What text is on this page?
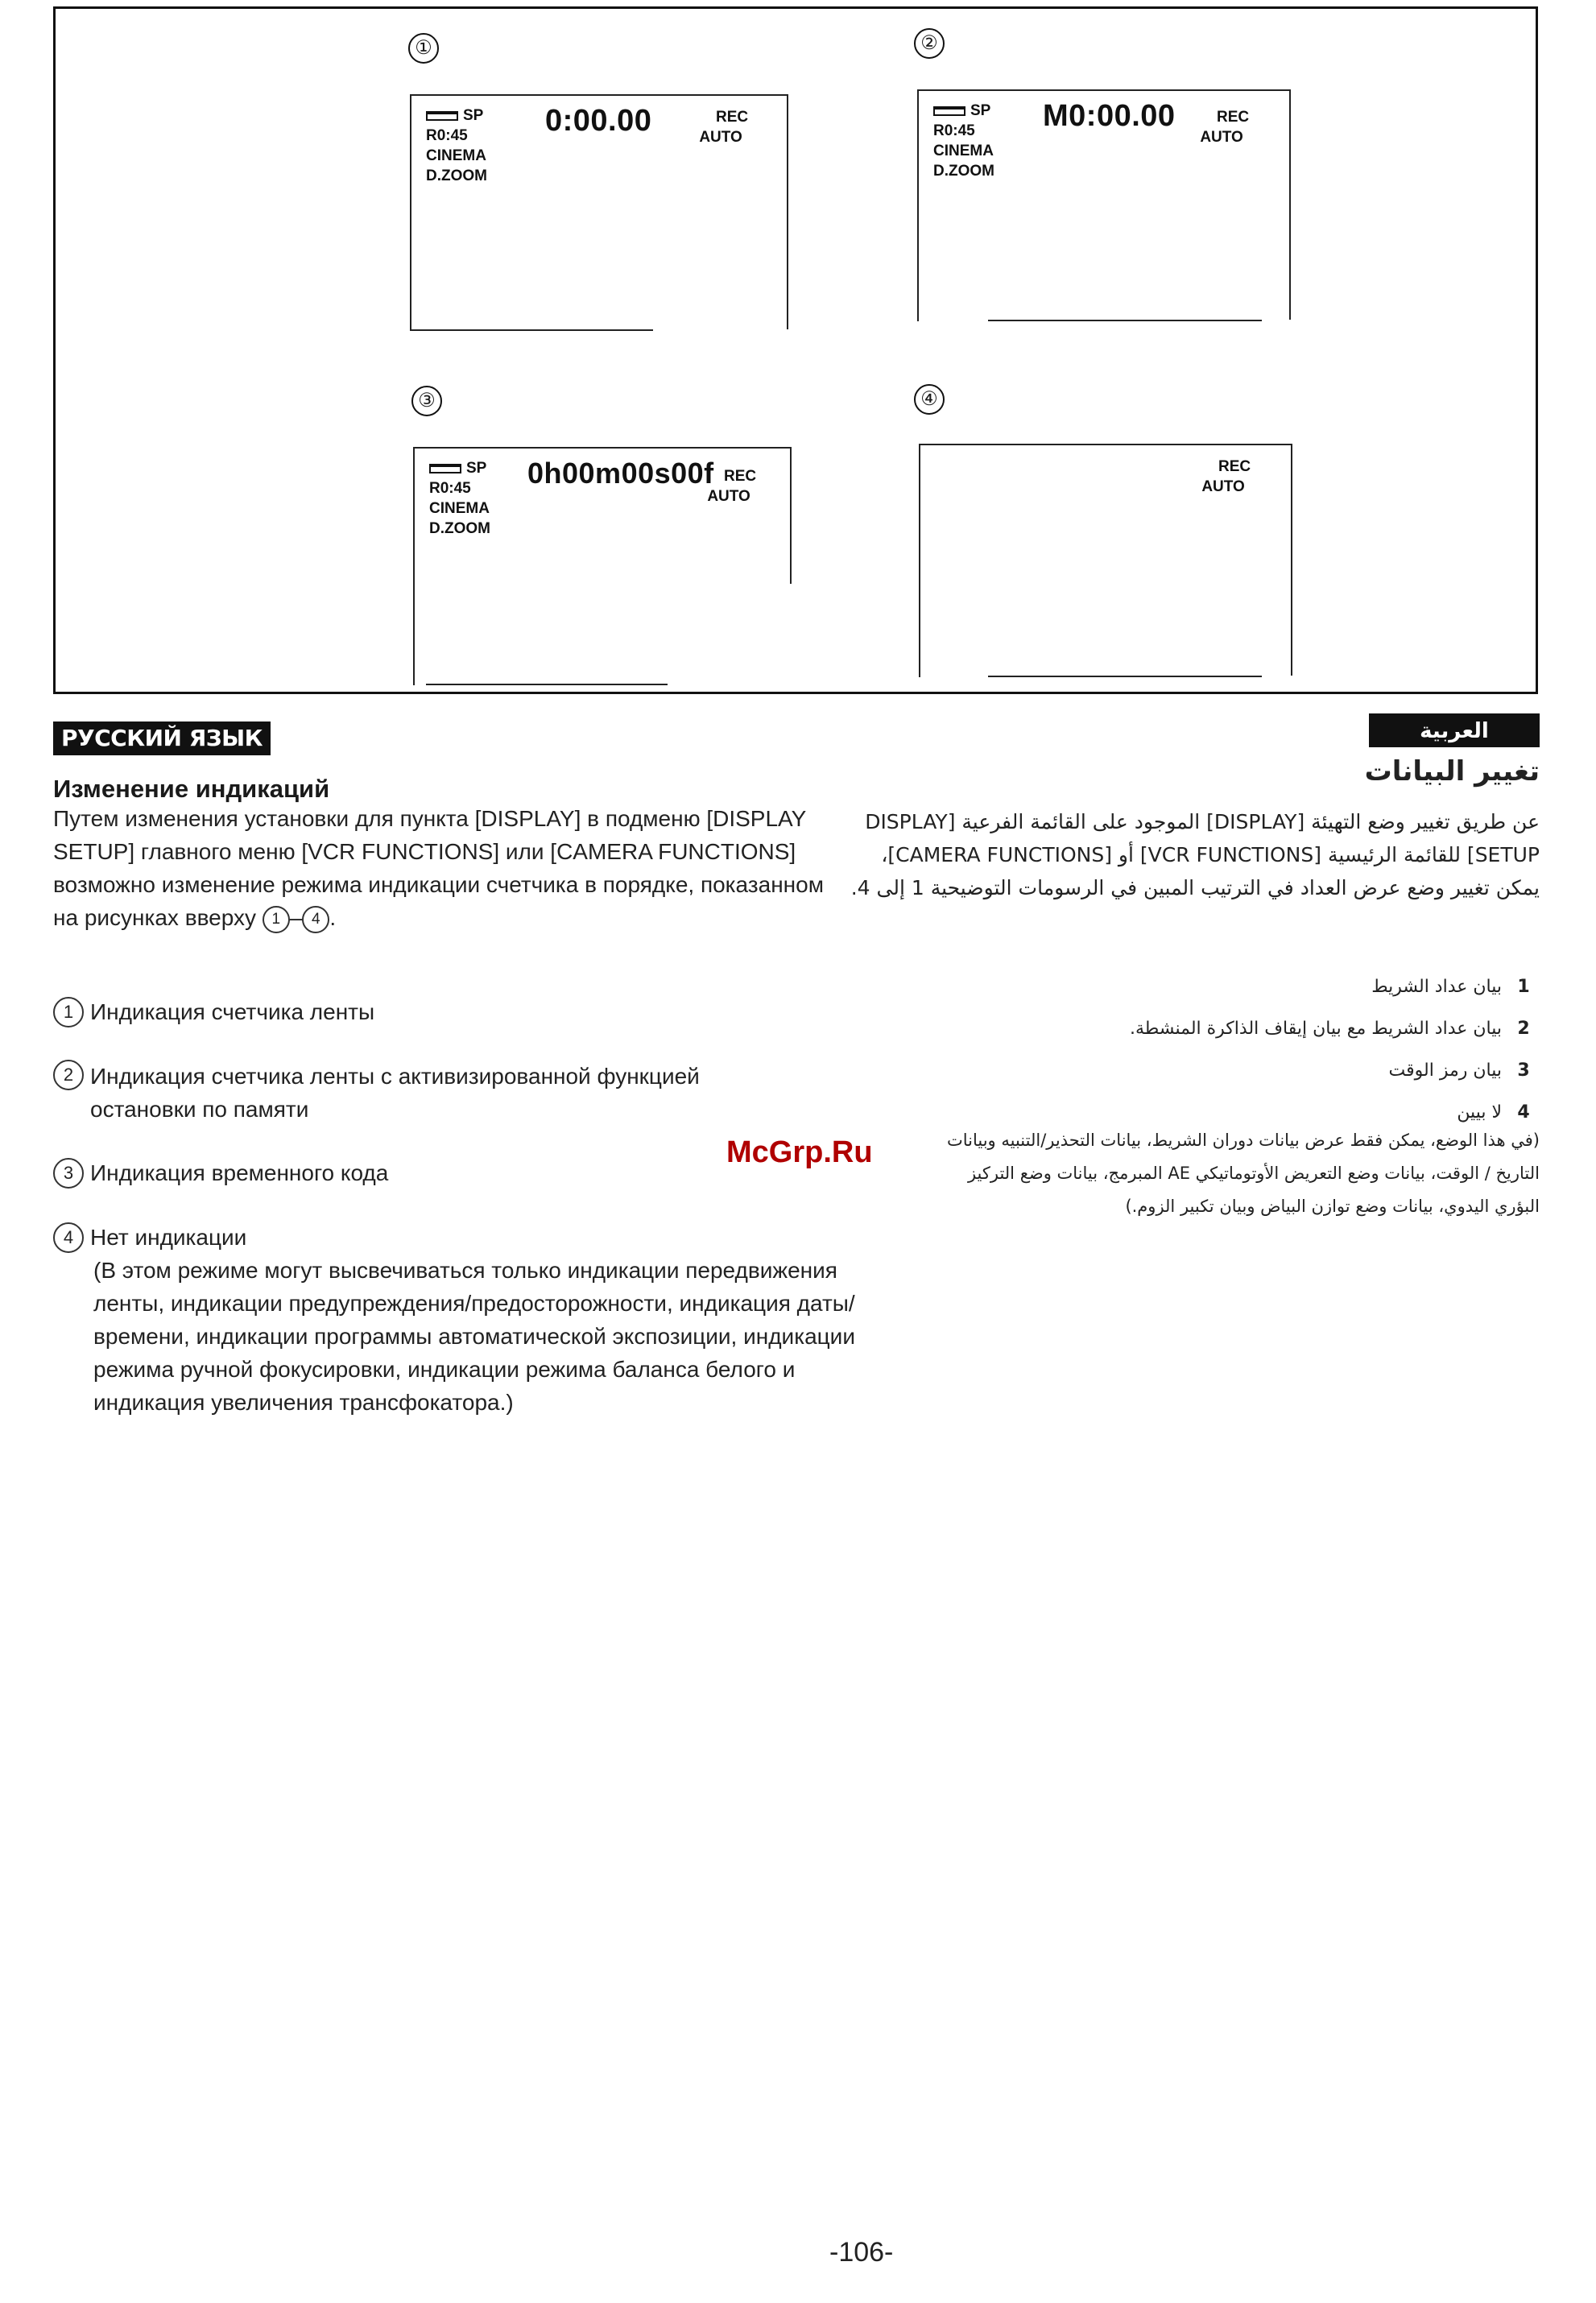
①
SP
R0:45
CINEMA
D.ZOOM
0:00.00	REC
AUTO
②
SP
R0:45
CINEMA
D.ZOOM
M0:00.00	REC
AUTO
③
SP
R0:45
CINEMA
D.ZOOM
0h00m00s00f REC
AUTO
④
REC
AUTO
РУССКИЙ ЯЗЫК
Изменение индикаций
Путем изменения установки для пункта [DISPLAY] в подменю [DISPLAY SETUP] главного меню [VCR FUNCTIONS] или [CAMERA FUNCTIONS] возможно изменение режима индикации счетчика в порядке, показанном на рисунках вверху 1 – 4 .
1 Индикация счетчика ленты
2 Индикация счетчика ленты с активизированной функцией остановки по памяти
3 Индикация временного кода
4 Нет индикации
(В этом режиме могут высвечиваться только индикации передвижения ленты, индикации предупреждения/предосторожности, индикация даты/времени, индикации программы автоматической экспозиции, индикации режима ручной фокусировки, индикации режима баланса белого и индикация увеличения трансфокатора.)
العربية
تغيير البيانات
عن طريق تغيير وضع التهيئة [DISPLAY] الموجود على القائمة الفرعية [DISPLAY SETUP] للقائمة الرئيسية [VCR FUNCTIONS] أو [CAMERA FUNCTIONS]، يمكن تغيير وضع عرض العداد في الترتيب المبين في الرسومات التوضيحية 1 إلى 4.
1 بيان عداد الشريط
2 بيان عداد الشريط مع بيان إيقاف الذاكرة المنشطة.
3 بيان رمز الوقت
4 لا بيين
(في هذا الوضع، يمكن فقط عرض بيانات دوران الشريط، بيانات التحذير/التنبيه وبيانات التاريخ / الوقت، بيانات وضع التعريض الأوتوماتيكي AE المبرمج، بيانات وضع التركيز البؤري اليدوي، بيانات وضع توازن البياض وبيان تكبير الزوم.)
McGrp.Ru
-106-
